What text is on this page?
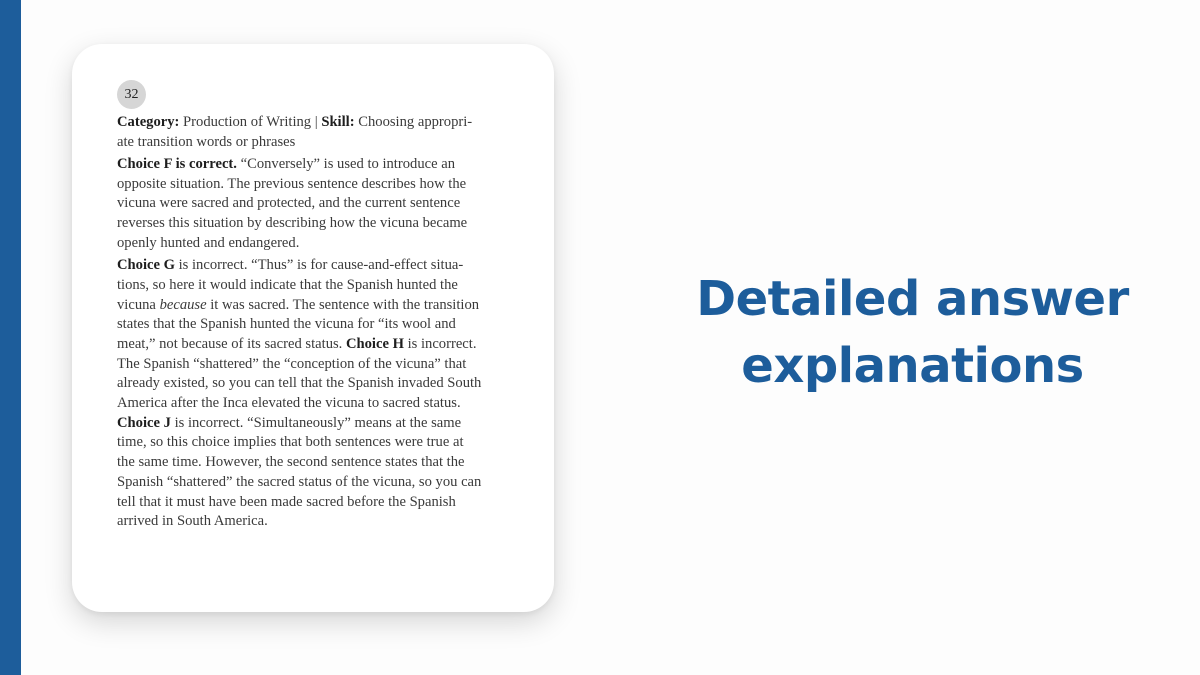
32
Category: Production of Writing | Skill: Choosing appropri-
ate transition words or phrases
Choice F is correct. “Conversely” is used to introduce an
opposite situation. The previous sentence describes how the
vicuna were sacred and protected, and the current sentence
reverses this situation by describing how the vicuna became
openly hunted and endangered.
Choice G is incorrect. “Thus” is for cause-and-effect situa-
tions, so here it would indicate that the Spanish hunted the
vicuna because it was sacred. The sentence with the transition
states that the Spanish hunted the vicuna for “its wool and
meat,” not because of its sacred status. Choice H is incorrect.
The Spanish “shattered” the “conception of the vicuna” that
already existed, so you can tell that the Spanish invaded South
America after the Inca elevated the vicuna to sacred status.
Choice J is incorrect. “Simultaneously” means at the same
time, so this choice implies that both sentences were true at
the same time. However, the second sentence states that the
Spanish “shattered” the sacred status of the vicuna, so you can
tell that it must have been made sacred before the Spanish
arrived in South America.
Detailed answer
explanations
